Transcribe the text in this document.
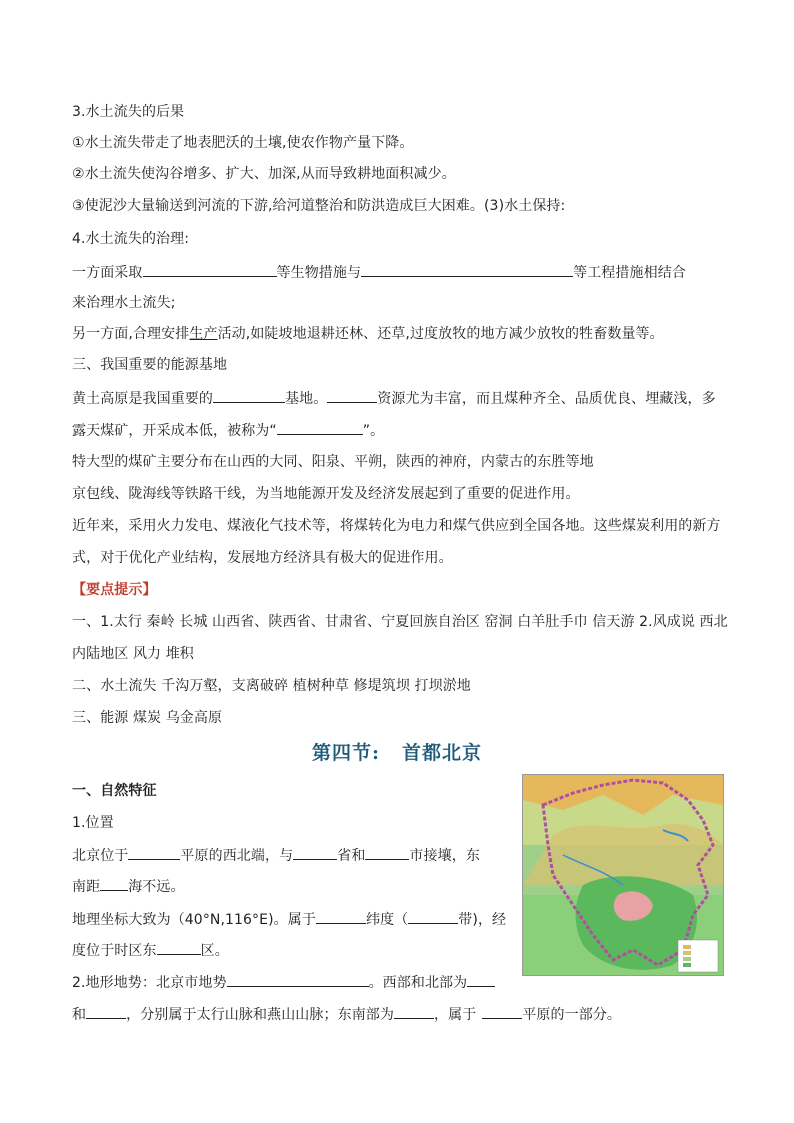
3.水土流失的后果
①水土流失带走了地表肥沃的土壤,使农作物产量下降。
②水土流失使沟谷增多、扩大、加深,从而导致耕地面积减少。
③使泥沙大量输送到河流的下游,给河道整治和防洪造成巨大困难。(3)水土保持:
4.水土流失的治理:
一方面采取	等生物措施与	等工程措施相结合
来治理水土流失;
另一方面,合理安排生产活动,如陡坡地退耕还林、还草,过度放牧的地方减少放牧的牲畜数量等。
三、我国重要的能源基地
黄土高原是我国重要的	基地。	资源尤为丰富，而且煤种齐全、品质优良、埋藏浅，多
露天煤矿，开采成本低，被称为“	”。
特大型的煤矿主要分布在山西的大同、阳泉、平朔，陕西的神府，内蒙古的东胜等地
京包线、陇海线等铁路干线，为当地能源开发及经济发展起到了重要的促进作用。
近年来，采用火力发电、煤液化气技术等，将煤转化为电力和煤气供应到全国各地。这些煤炭利用的新方
式，对于优化产业结构，发展地方经济具有极大的促进作用。
【要点提示】
一、1.太行 秦岭 长城 山西省、陕西省、甘肃省、宁夏回族自治区 窑洞 白羊肚手巾 信天游 2.风成说 西北
内陆地区 风力 堆积
二、水土流失 千沟万壑，支离破碎 植树种草 修堤筑坝 打坝淤地
三、能源 煤炭 乌金高原
第四节: 首都北京
一、自然特征
1.位置
北京位于	平原的西北端，与	省和	市接壤，东
南距 海不远。
地理坐标大致为（40°N,116°E)。属于	纬度（	带)，经
度位于时区东	区。
2.地形地势：北京市地势	。西部和北部为
和	，分别属于太行山脉和燕山山脉；东南部为	，属于	平原的一部分。
